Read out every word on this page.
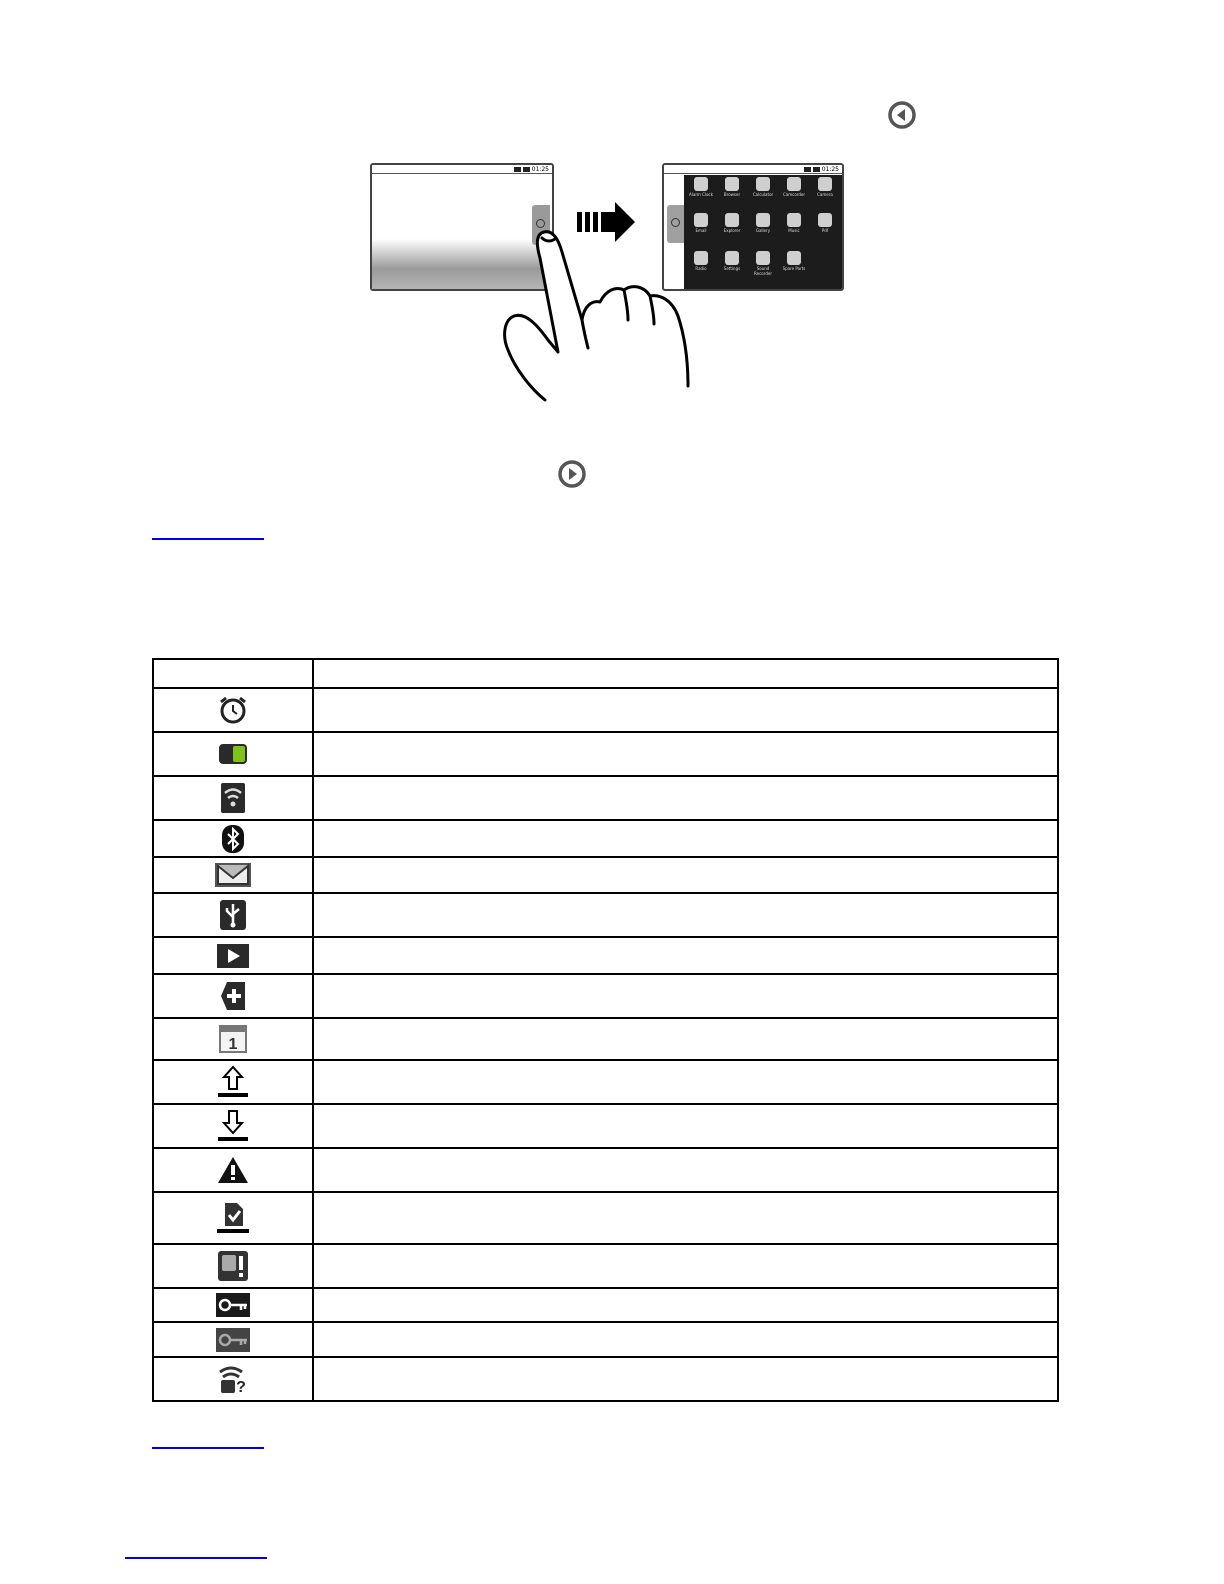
01:25	01:25
Alarm Clock	Browser	Calculator	Camcorder	Camera
Email	Explorer	Gallery	Music	Pdf
Radio	Settings	Sound Recorder
Spare Parts

1	

?	
